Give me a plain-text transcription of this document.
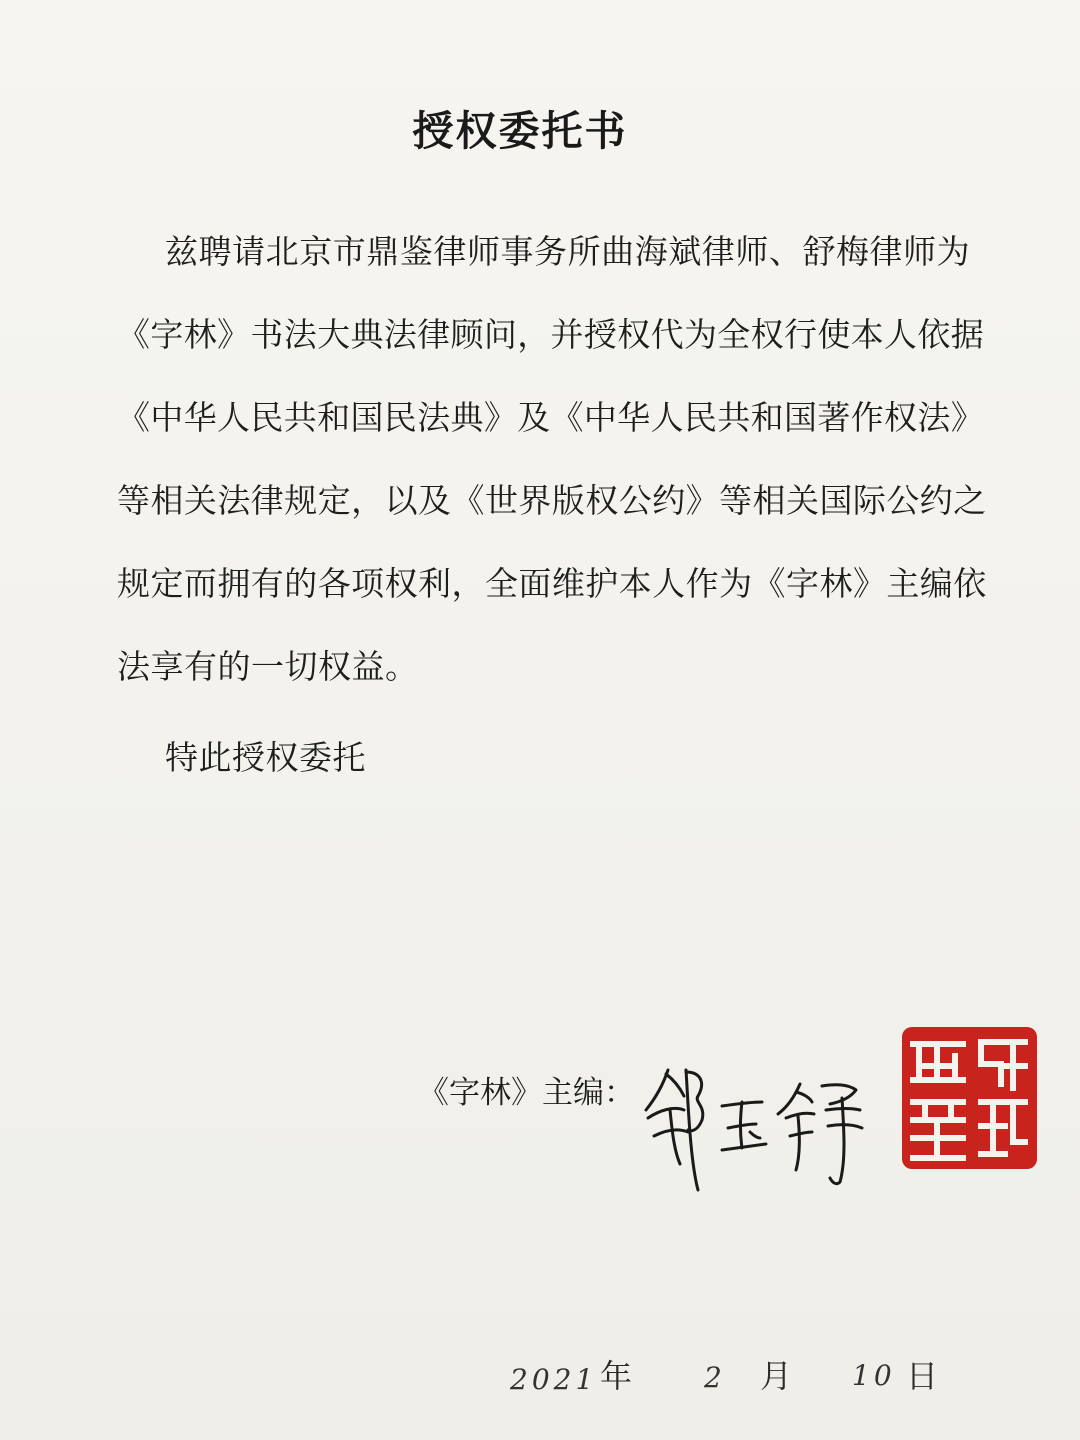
授权委托书
兹聘请北京市鼎鉴律师事务所曲海斌律师、舒梅律师为
《字林》书法大典法律顾问，并授权代为全权行使本人依据
《中华人民共和国民法典》及《中华人民共和国著作权法》
等相关法律规定，以及《世界版权公约》等相关国际公约之
规定而拥有的各项权利，全面维护本人作为《字林》主编依
法享有的一切权益。
特此授权委托
《字林》主编：
2021 年	2 月 10 日
